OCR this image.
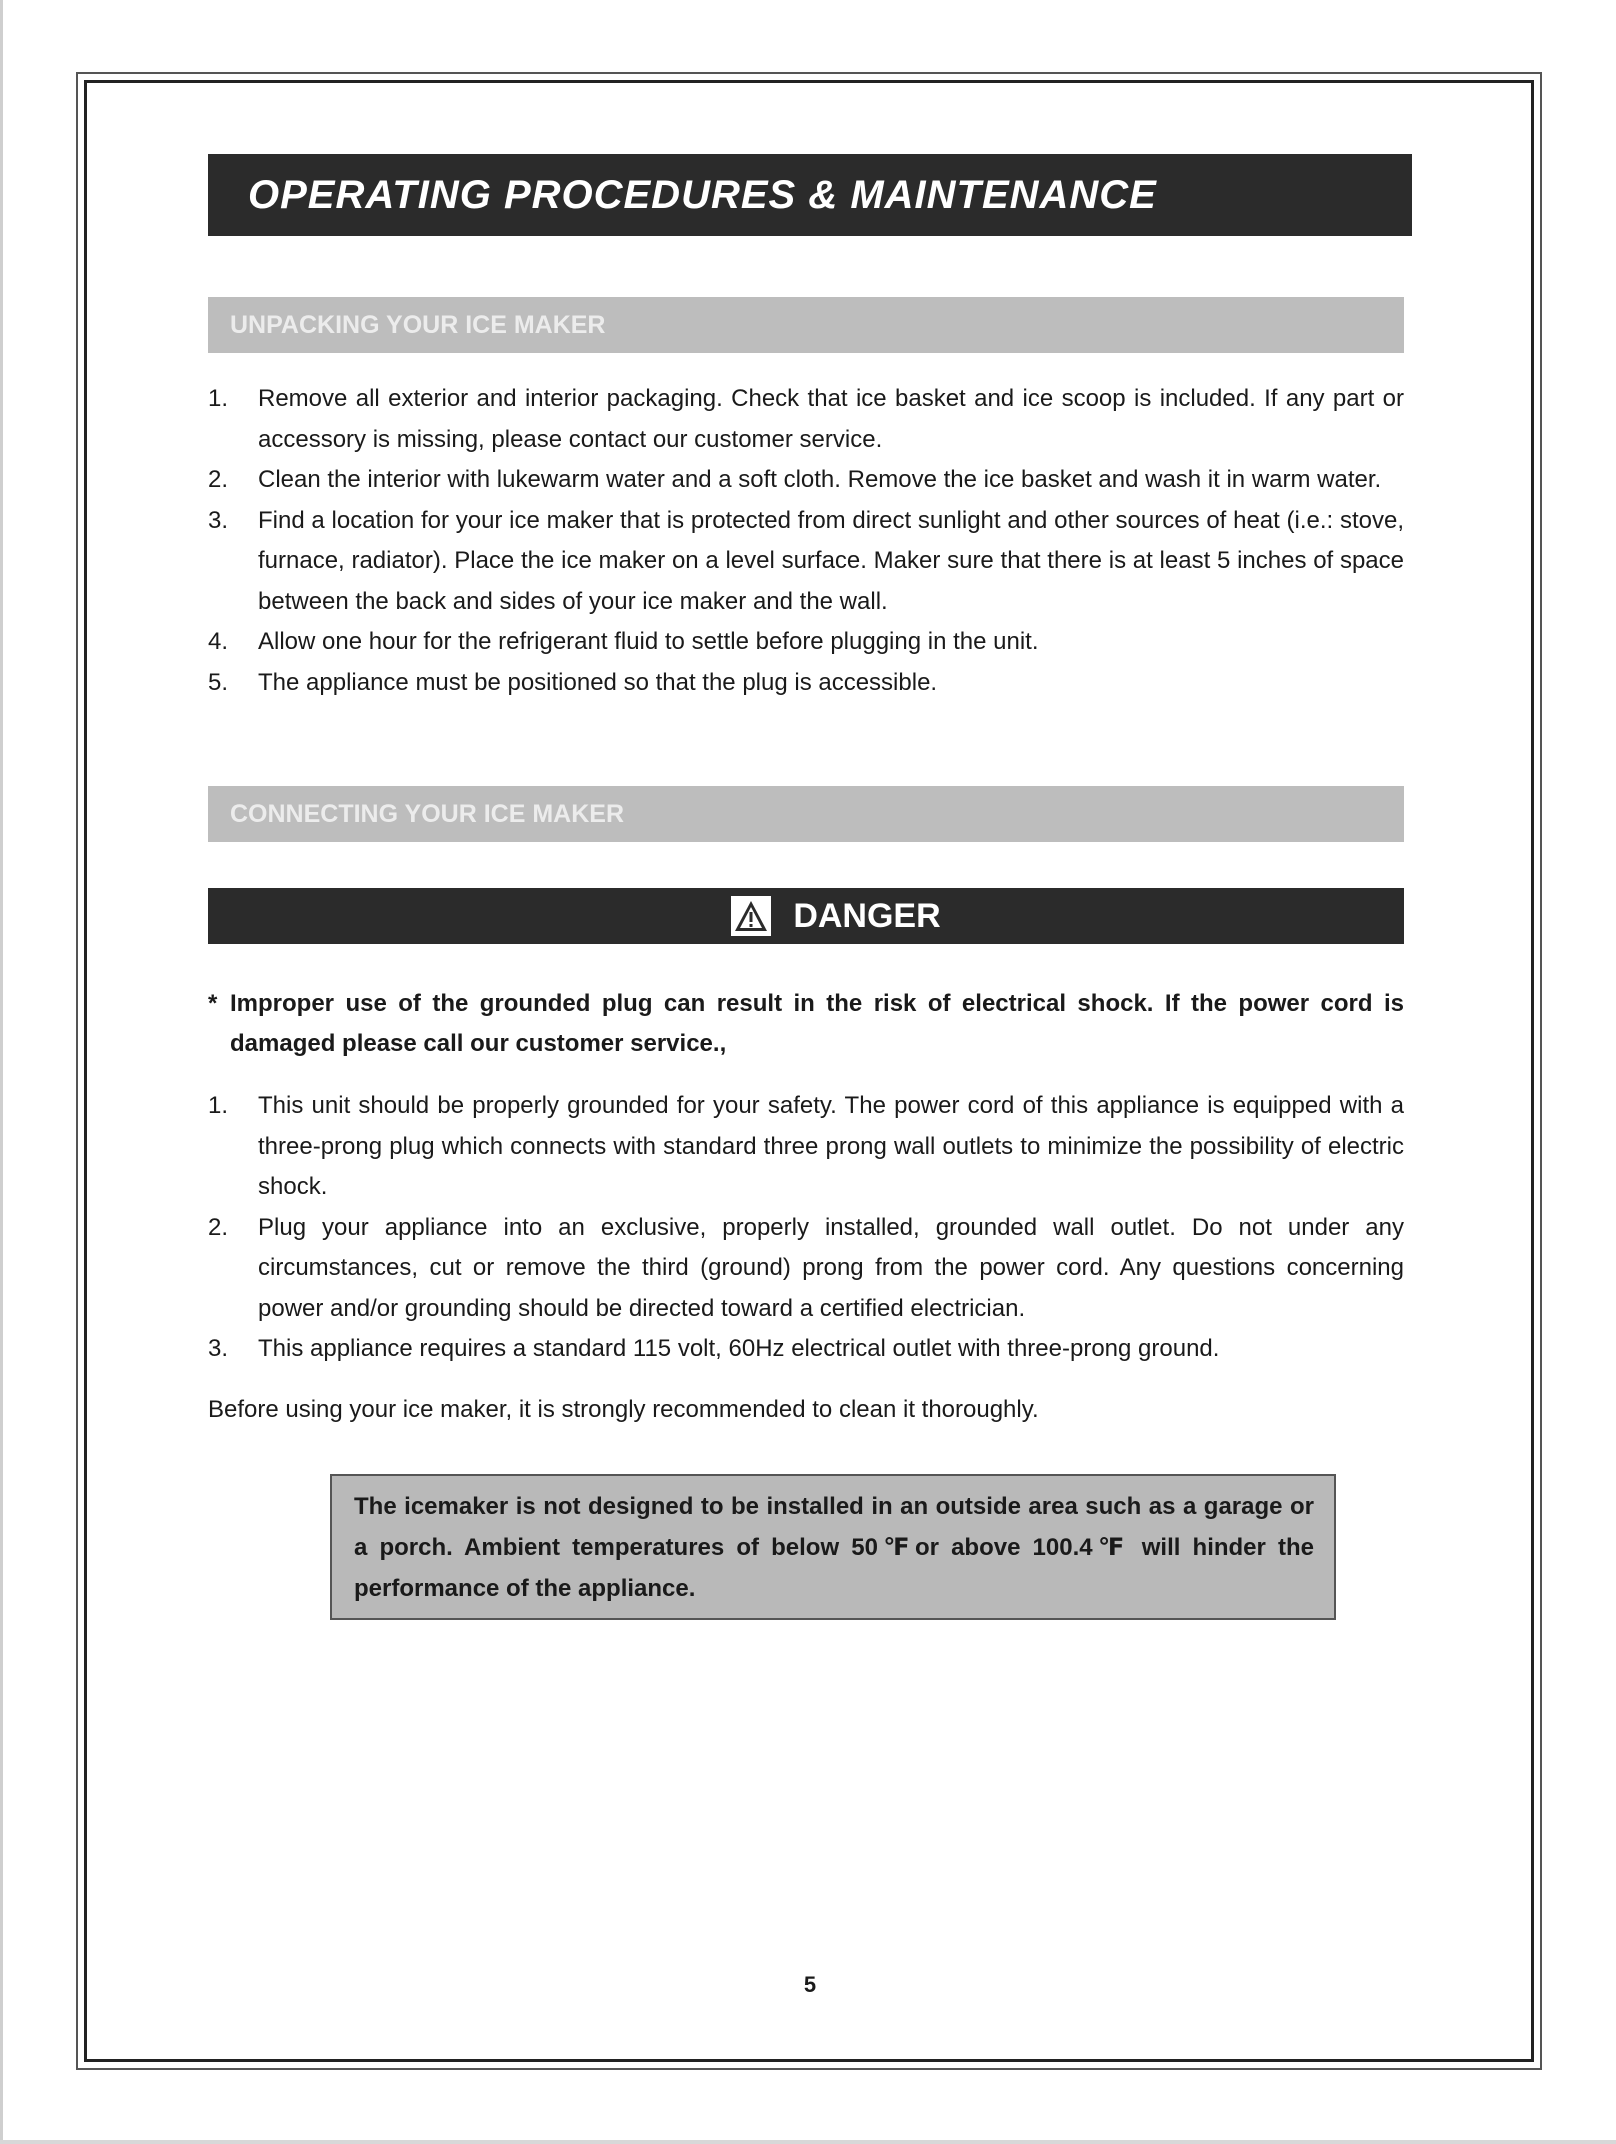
OPERATING PROCEDURES & MAINTENANCE
UNPACKING YOUR ICE MAKER
1. Remove all exterior and interior packaging. Check that ice basket and ice scoop is included. If any part or accessory is missing, please contact our customer service.
2. Clean the interior with lukewarm water and a soft cloth. Remove the ice basket and wash it in warm water.
3. Find a location for your ice maker that is protected from direct sunlight and other sources of heat (i.e.: stove, furnace, radiator). Place the ice maker on a level surface. Maker sure that there is at least 5 inches of space between the back and sides of your ice maker and the wall.
4. Allow one hour for the refrigerant fluid to settle before plugging in the unit.
5. The appliance must be positioned so that the plug is accessible.
CONNECTING YOUR ICE MAKER
DANGER
* Improper use of the grounded plug can result in the risk of electrical shock. If the power cord is damaged please call our customer service.,
1. This unit should be properly grounded for your safety. The power cord of this appliance is equipped with a three-prong plug which connects with standard three prong wall outlets to minimize the possibility of electric shock.
2. Plug your appliance into an exclusive, properly installed, grounded wall outlet. Do not under any circumstances, cut or remove the third (ground) prong from the power cord. Any questions concerning power and/or grounding should be directed toward a certified electrician.
3. This appliance requires a standard 115 volt, 60Hz electrical outlet with three-prong ground.
Before using your ice maker, it is strongly recommended to clean it thoroughly.
The icemaker is not designed to be installed in an outside area such as a garage or a porch. Ambient temperatures of below 50℉or above 100.4℉ will hinder the performance of the appliance.
5
